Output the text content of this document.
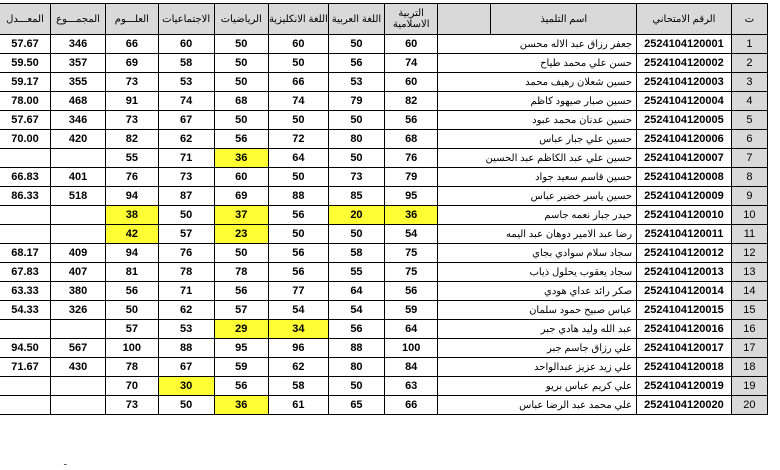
	المعـــدل	المجمـــوع	العلـــوم	الاجتماعيات	الرياضيات	اللغة الانكليزية	اللغة العربية	التربية الاسلامية		اسم التلميذ	الرقم الامتحاني	ت
	57.67	346	66	60	50	60	50	60	جعفر رزاق عبد الاله محسن		2524104120001	1
	59.50	357	69	58	50	50	56	74	حسن علي محمد طياح		2524104120002	2
	59.17	355	73	53	50	66	53	60	حسين شعلان رهيف محمد		2524104120003	3
	78.00	468	91	74	68	74	79	82	حسين صبار صيهود كاظم		2524104120004	4
	57.67	346	73	67	50	50	50	56	حسين عدنان محمد عبود		2524104120005	5
	70.00	420	82	62	56	72	80	68	حسين علي جبار عباس		2524104120006	6
			55	71	36	64	50	76	حسين علي عبد الكاظم عبد الحسين		2524104120007	7
	66.83	401	76	73	60	50	73	79	حسين قاسم سعيد جواد		2524104120008	8
	86.33	518	94	87	69	88	85	95	حسين ياسر خضير عباس		2524104120009	9
			38	50	37	56	20	36	حيدر جبار نعمه جاسم		2524104120010	10
			42	57	23	50	50	54	رضا عبد الامير دوهان عبد اليمه		2524104120011	11
	68.17	409	94	76	50	56	58	75	سجاد سلام سوادي بجاي		2524104120012	12
	67.83	407	81	78	78	56	55	75	سجاد يعقوب يحلول ذياب		2524104120013	13
	63.33	380	56	71	56	77	64	56	صكر رائد عداي هودي		2524104120014	14
	54.33	326	50	62	57	54	54	59	عباس صبيح حمود سلمان		2524104120015	15
			57	53	29	34	56	64	عبد الله وليد هادي جبر		2524104120016	16
	94.50	567	100	88	95	96	88	100	علي رزاق جاسم جبر		2524104120017	17
	71.67	430	78	67	59	62	80	84	علي زيد عزيز عبدالواحد		2524104120018	18
			70	30	56	58	50	63	علي كريم عباس بريو		2524104120019	19
			73	50	36	61	65	66	علي محمد عبد الرضا عباس		2524104120020	20
ـ
